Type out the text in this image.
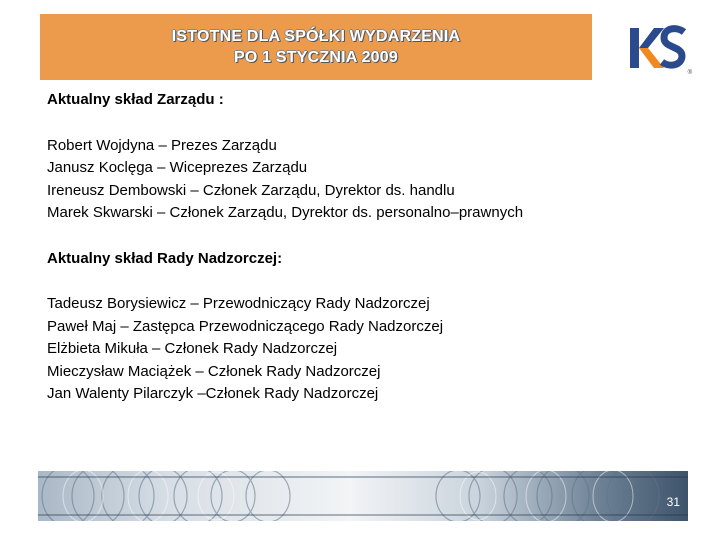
ISTOTNE DLA SPÓŁKI WYDARZENIA
PO 1 STYCZNIA 2009
®
Aktualny skład Zarządu :
Robert Wojdyna – Prezes Zarządu
Janusz Koclęga – Wiceprezes Zarządu
Ireneusz Dembowski – Członek Zarządu, Dyrektor ds. handlu
Marek Skwarski – Członek Zarządu, Dyrektor ds. personalno–prawnych
Aktualny skład Rady Nadzorczej:
Tadeusz Borysiewicz – Przewodniczący Rady Nadzorczej
Paweł Maj – Zastępca Przewodniczącego Rady Nadzorczej
Elżbieta Mikuła – Członek Rady Nadzorczej
Mieczysław Maciążek – Członek Rady Nadzorczej
Jan Walenty Pilarczyk –Członek Rady Nadzorczej
31
